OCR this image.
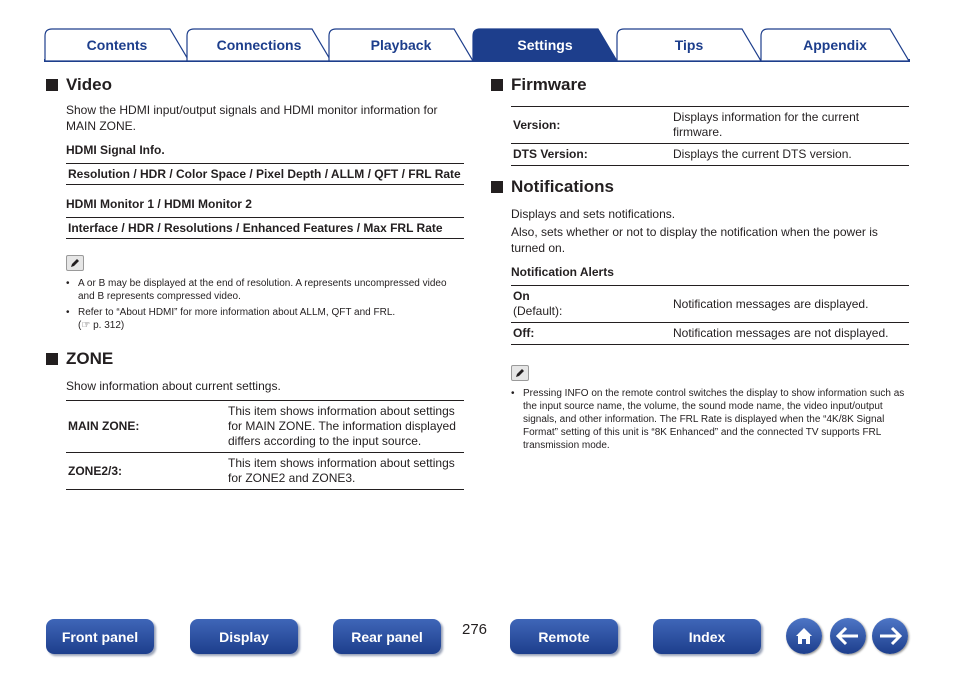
Contents	Connections	Playback	Settings	Tips	Appendix
Video
Show the HDMI input/output signals and HDMI monitor information for MAIN ZONE.
HDMI Signal Info.
Resolution / HDR / Color Space / Pixel Depth / ALLM / QFT / FRL Rate
HDMI Monitor 1 / HDMI Monitor 2
Interface / HDR / Resolutions / Enhanced Features / Max FRL Rate
• A or B may be displayed at the end of resolution. A represents uncompressed video and B represents compressed video.
• Refer to “About HDMI” for more information about ALLM, QFT and FRL.
(☞ p. 312)
ZONE
Show information about current settings.
MAIN ZONE:	This item shows information about settings for MAIN ZONE. The information displayed differs according to the input source.
ZONE2/3:	This item shows information about settings for ZONE2 and ZONE3.
Firmware
Version:	Displays information for the current firmware.
DTS Version:	Displays the current DTS version.
Notifications
Displays and sets notifications.
Also, sets whether or not to display the notification when the power is turned on.
Notification Alerts
On
(Default):	Notification messages are displayed.
Off:	Notification messages are not displayed.
• Pressing INFO on the remote control switches the display to show information such as the input source name, the volume, the sound mode name, the video input/output signals, and other information. The FRL Rate is displayed when the “4K/8K Signal Format” setting of this unit is “8K Enhanced” and the connected TV supports FRL transmission mode.
Front panel	Display	Rear panel	276	Remote	Index
